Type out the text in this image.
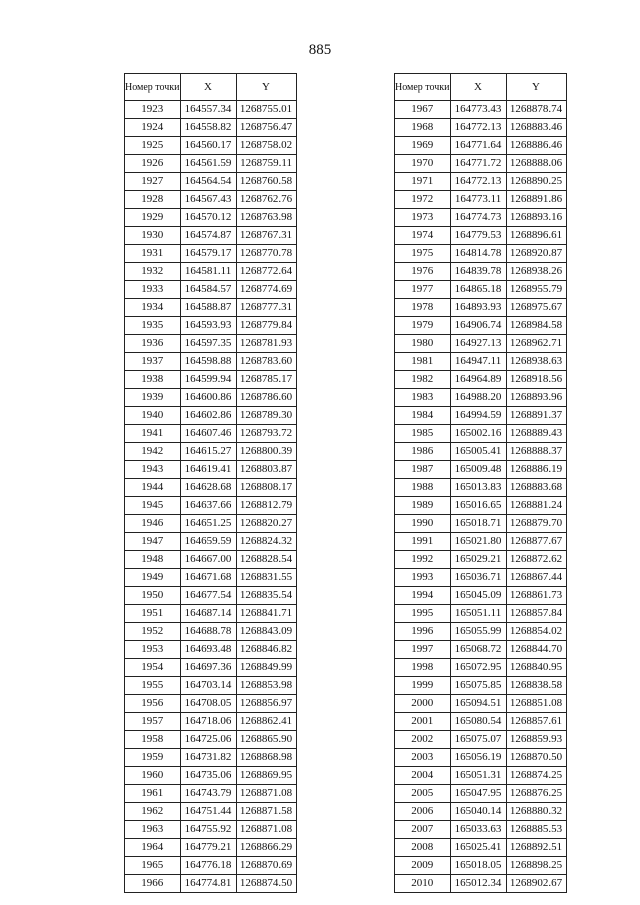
885
Номер точки	X	Y
1923	164557.34	1268755.01
1924	164558.82	1268756.47
1925	164560.17	1268758.02
1926	164561.59	1268759.11
1927	164564.54	1268760.58
1928	164567.43	1268762.76
1929	164570.12	1268763.98
1930	164574.87	1268767.31
1931	164579.17	1268770.78
1932	164581.11	1268772.64
1933	164584.57	1268774.69
1934	164588.87	1268777.31
1935	164593.93	1268779.84
1936	164597.35	1268781.93
1937	164598.88	1268783.60
1938	164599.94	1268785.17
1939	164600.86	1268786.60
1940	164602.86	1268789.30
1941	164607.46	1268793.72
1942	164615.27	1268800.39
1943	164619.41	1268803.87
1944	164628.68	1268808.17
1945	164637.66	1268812.79
1946	164651.25	1268820.27
1947	164659.59	1268824.32
1948	164667.00	1268828.54
1949	164671.68	1268831.55
1950	164677.54	1268835.54
1951	164687.14	1268841.71
1952	164688.78	1268843.09
1953	164693.48	1268846.82
1954	164697.36	1268849.99
1955	164703.14	1268853.98
1956	164708.05	1268856.97
1957	164718.06	1268862.41
1958	164725.06	1268865.90
1959	164731.82	1268868.98
1960	164735.06	1268869.95
1961	164743.79	1268871.08
1962	164751.44	1268871.58
1963	164755.92	1268871.08
1964	164779.21	1268866.29
1965	164776.18	1268870.69
1966	164774.81	1268874.50
Номер точки	X	Y
1967	164773.43	1268878.74
1968	164772.13	1268883.46
1969	164771.64	1268886.46
1970	164771.72	1268888.06
1971	164772.13	1268890.25
1972	164773.11	1268891.86
1973	164774.73	1268893.16
1974	164779.53	1268896.61
1975	164814.78	1268920.87
1976	164839.78	1268938.26
1977	164865.18	1268955.79
1978	164893.93	1268975.67
1979	164906.74	1268984.58
1980	164927.13	1268962.71
1981	164947.11	1268938.63
1982	164964.89	1268918.56
1983	164988.20	1268893.96
1984	164994.59	1268891.37
1985	165002.16	1268889.43
1986	165005.41	1268888.37
1987	165009.48	1268886.19
1988	165013.83	1268883.68
1989	165016.65	1268881.24
1990	165018.71	1268879.70
1991	165021.80	1268877.67
1992	165029.21	1268872.62
1993	165036.71	1268867.44
1994	165045.09	1268861.73
1995	165051.11	1268857.84
1996	165055.99	1268854.02
1997	165068.72	1268844.70
1998	165072.95	1268840.95
1999	165075.85	1268838.58
2000	165094.51	1268851.08
2001	165080.54	1268857.61
2002	165075.07	1268859.93
2003	165056.19	1268870.50
2004	165051.31	1268874.25
2005	165047.95	1268876.25
2006	165040.14	1268880.32
2007	165033.63	1268885.53
2008	165025.41	1268892.51
2009	165018.05	1268898.25
2010	165012.34	1268902.67
